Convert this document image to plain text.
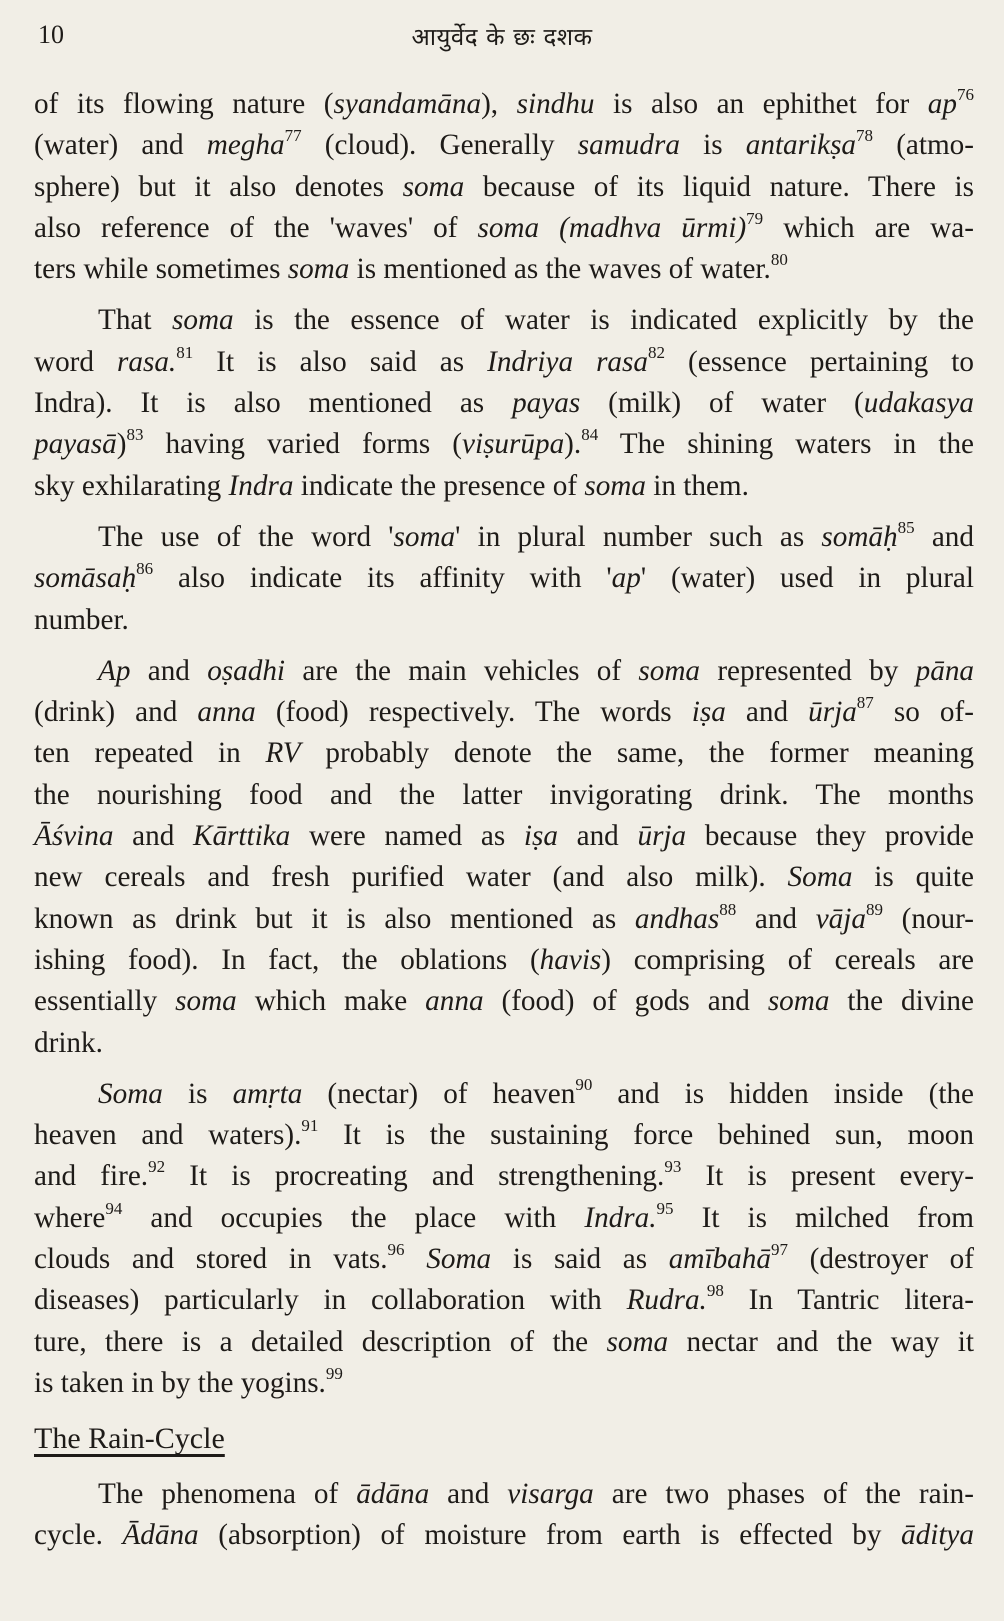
10	आयुर्वेद के छः दशक

of its flowing nature (syandamāna), sindhu is also an ephithet for $ap^{76}$
(water) and megha$^{77}$ (cloud). Generally samudra is antarikṣa$^{78}$ (atmo-
sphere) but it also denotes soma because of its liquid nature. There is
also reference of the 'waves' of soma (madhva ūrmi)$^{79}$ which are wa-
ters while sometimes soma is mentioned as the waves of water.$^{80}$

That soma is the essence of water is indicated explicitly by the
word rasa.$^{81}$ It is also said as Indriya rasa$^{82}$ (essence pertaining to
Indra). It is also mentioned as payas (milk) of water (udakasya
payasā)$^{83}$ having varied forms (viṣurūpa).$^{84}$ The shining waters in the
sky exhilarating Indra indicate the presence of soma in them.

The use of the word 'soma' in plural number such as somāḥ$^{85}$ and
somāsaḥ$^{86}$ also indicate its affinity with 'ap' (water) used in plural
number.

Ap and oṣadhi are the main vehicles of soma represented by pāna
(drink) and anna (food) respectively. The words iṣa and ūrja$^{87}$ so of-
ten repeated in RV probably denote the same, the former meaning
the nourishing food and the latter invigorating drink. The months
Āśvina and Kārttika were named as iṣa and ūrja because they provide
new cereals and fresh purified water (and also milk). Soma is quite
known as drink but it is also mentioned as andhas$^{88}$ and vāja$^{89}$ (nour-
ishing food). In fact, the oblations (havis) comprising of cereals are
essentially soma which make anna (food) of gods and soma the divine
drink.

Soma is amṛta (nectar) of heaven$^{90}$ and is hidden inside (the
heaven and waters).$^{91}$ It is the sustaining force behined sun, moon
and fire.$^{92}$ It is procreating and strengthening.$^{93}$ It is present every-
where$^{94}$ and occupies the place with Indra.$^{95}$ It is milched from
clouds and stored in vats.$^{96}$ Soma is said as amībahā$^{97}$ (destroyer of
diseases) particularly in collaboration with Rudra.$^{98}$ In Tantric litera-
ture, there is a detailed description of the soma nectar and the way it
is taken in by the yogins.$^{99}$

The Rain-Cycle

The phenomena of ādāna and visarga are two phases of the rain-
cycle. Ādāna (absorption) of moisture from earth is effected by āditya
